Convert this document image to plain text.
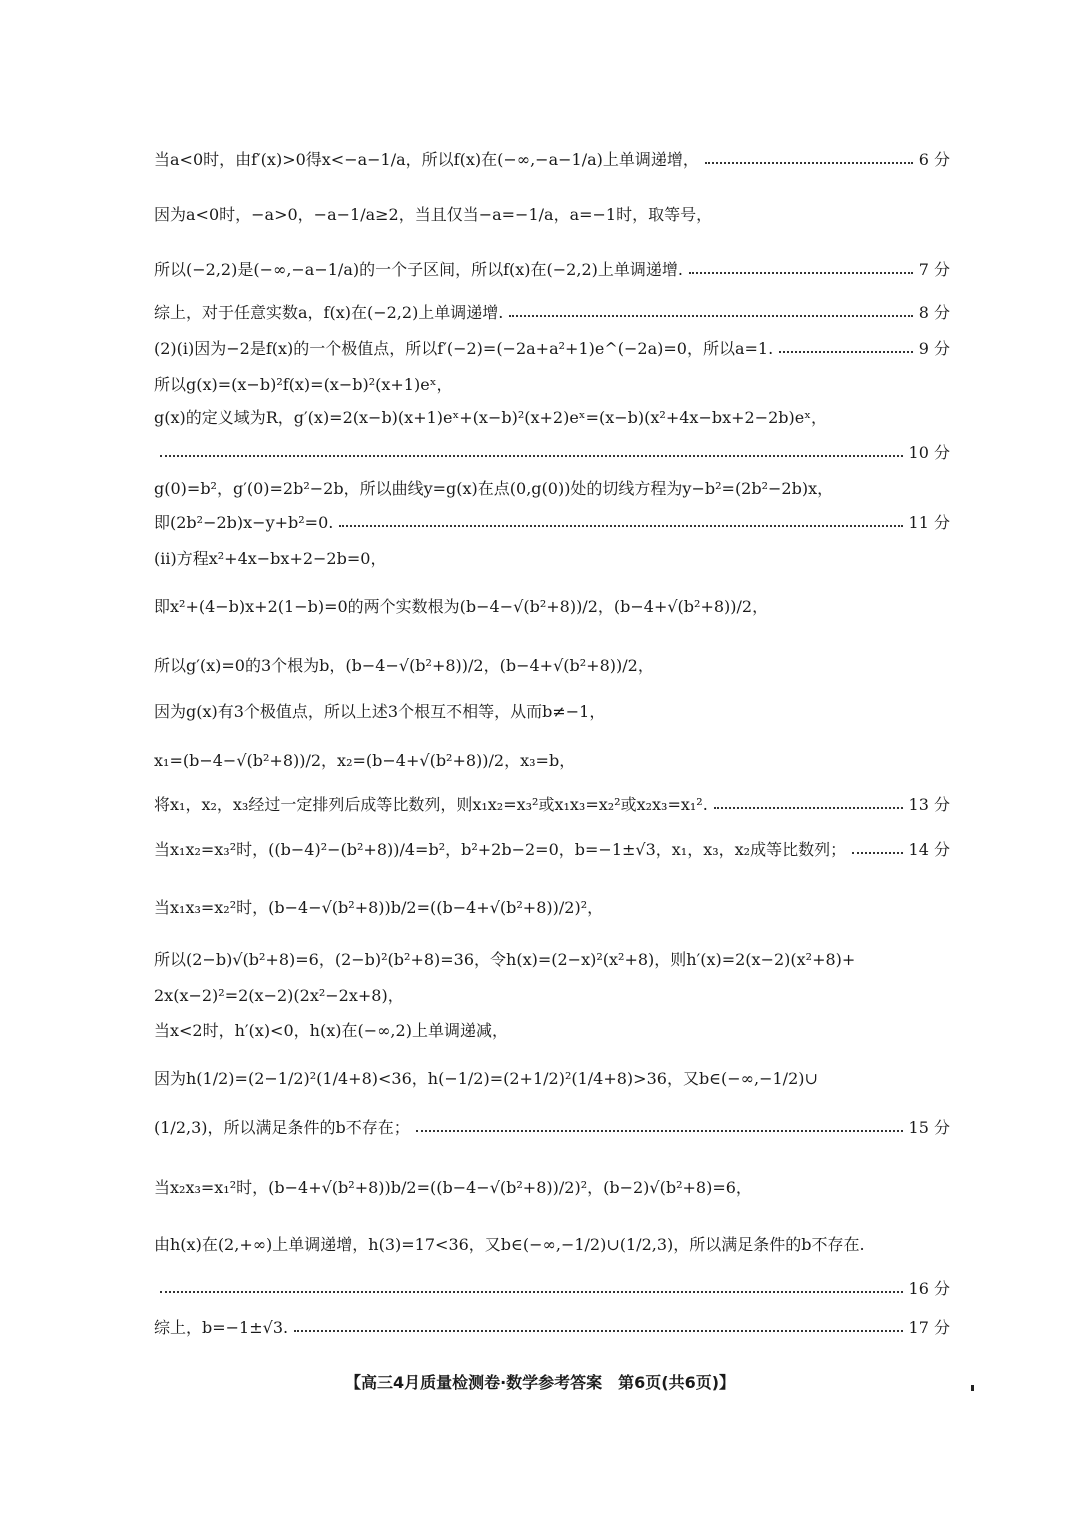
当a<0时，由f′(x)>0得x<−a−1/a，所以f(x)在(−∞,−a−1/a)上单调递增，	6 分
因为a<0时，−a>0，−a−1/a≥2，当且仅当−a=−1/a，a=−1时，取等号，
所以(−2,2)是(−∞,−a−1/a)的一个子区间，所以f(x)在(−2,2)上单调递增.	7 分
综上，对于任意实数a，f(x)在(−2,2)上单调递增.	8 分
(2)(ⅰ)因为−2是f(x)的一个极值点，所以f′(−2)=(−2a+a²+1)e^(−2a)=0，所以a=1.	9 分
所以g(x)=(x−b)²f(x)=(x−b)²(x+1)eˣ，
g(x)的定义域为R，g′(x)=2(x−b)(x+1)eˣ+(x−b)²(x+2)eˣ=(x−b)(x²+4x−bx+2−2b)eˣ，
10 分
g(0)=b²，g′(0)=2b²−2b，所以曲线y=g(x)在点(0,g(0))处的切线方程为y−b²=(2b²−2b)x，
即(2b²−2b)x−y+b²=0.	11 分
(ⅱ)方程x²+4x−bx+2−2b=0，
即x²+(4−b)x+2(1−b)=0的两个实数根为(b−4−√(b²+8))/2，(b−4+√(b²+8))/2，
所以g′(x)=0的3个根为b，(b−4−√(b²+8))/2，(b−4+√(b²+8))/2，
因为g(x)有3个极值点，所以上述3个根互不相等，从而b≠−1，
x₁=(b−4−√(b²+8))/2，x₂=(b−4+√(b²+8))/2，x₃=b，
将x₁，x₂，x₃经过一定排列后成等比数列，则x₁x₂=x₃²或x₁x₃=x₂²或x₂x₃=x₁².	13 分
当x₁x₂=x₃²时，((b−4)²−(b²+8))/4=b²，b²+2b−2=0，b=−1±√3，x₁，x₃，x₂成等比数列；	14 分
当x₁x₃=x₂²时，(b−4−√(b²+8))b/2=((b−4+√(b²+8))/2)²，
所以(2−b)√(b²+8)=6，(2−b)²(b²+8)=36，令h(x)=(2−x)²(x²+8)，则h′(x)=2(x−2)(x²+8)+
2x(x−2)²=2(x−2)(2x²−2x+8)，
当x<2时，h′(x)<0，h(x)在(−∞,2)上单调递减，
因为h(1/2)=(2−1/2)²(1/4+8)<36，h(−1/2)=(2+1/2)²(1/4+8)>36，又b∈(−∞,−1/2)∪
(1/2,3)，所以满足条件的b不存在；	15 分
当x₂x₃=x₁²时，(b−4+√(b²+8))b/2=((b−4−√(b²+8))/2)²，(b−2)√(b²+8)=6，
由h(x)在(2,+∞)上单调递增，h(3)=17<36，又b∈(−∞,−1/2)∪(1/2,3)，所以满足条件的b不存在.
16 分
综上，b=−1±√3.	17 分
【高三4月质量检测卷·数学参考答案　第6页(共6页)】
